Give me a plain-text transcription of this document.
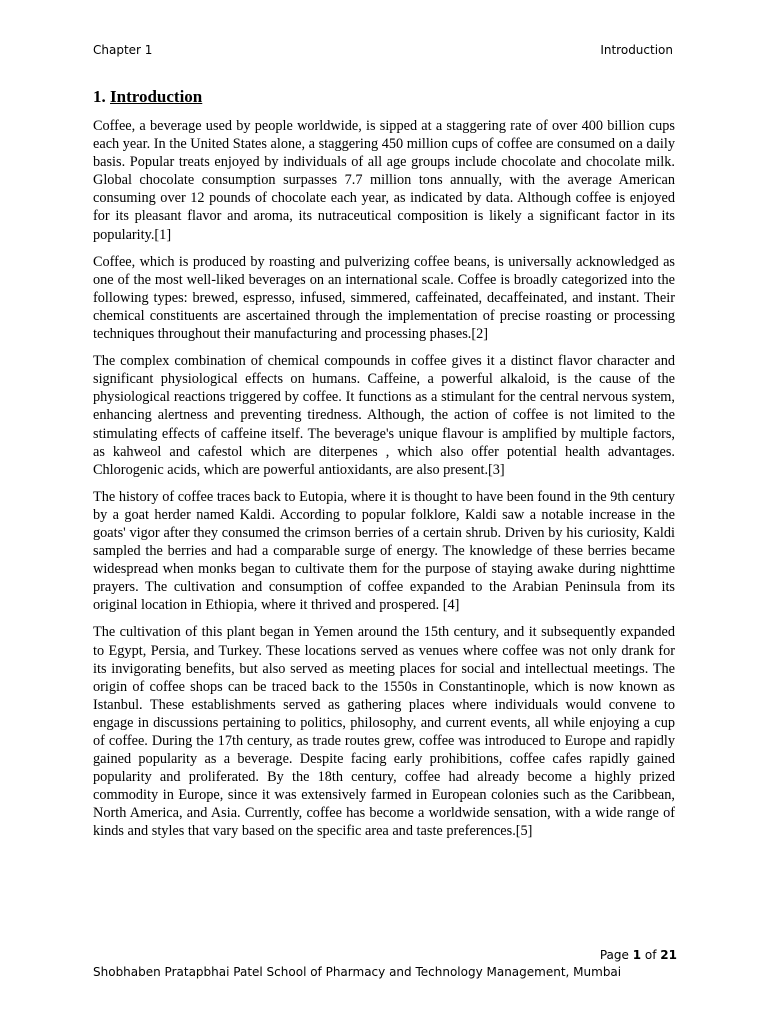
Chapter 1	Introduction
1. Introduction

Coffee, a beverage used by people worldwide, is sipped at a staggering rate of over 400 billion cups each year. In the United States alone, a staggering 450 million cups of coffee are consumed on a daily basis. Popular treats enjoyed by individuals of all age groups include chocolate and chocolate milk. Global chocolate consumption surpasses 7.7 million tons annually, with the average American consuming over 12 pounds of chocolate each year, as indicated by data. Although coffee is enjoyed for its pleasant flavor and aroma, its nutraceutical composition is likely a significant factor in its popularity.[1]

Coffee, which is produced by roasting and pulverizing coffee beans, is universally acknowledged as one of the most well-liked beverages on an international scale. Coffee is broadly categorized into the following types: brewed, espresso, infused, simmered, caffeinated, decaffeinated, and instant. Their chemical constituents are ascertained through the implementation of precise roasting or processing techniques throughout their manufacturing and processing phases.[2]

The complex combination of chemical compounds in coffee gives it a distinct flavor character and significant physiological effects on humans. Caffeine, a powerful alkaloid, is the cause of the physiological reactions triggered by coffee. It functions as a stimulant for the central nervous system, enhancing alertness and preventing tiredness. Although, the action of coffee is not limited to the stimulating effects of caffeine itself. The beverage's unique flavour is amplified by multiple factors, as kahweol and cafestol which are diterpenes , which also offer potential health advantages. Chlorogenic acids, which are powerful antioxidants, are also present.[3]

The history of coffee traces back to Eutopia, where it is thought to have been found in the 9th century by a goat herder named Kaldi. According to popular folklore, Kaldi saw a notable increase in the goats' vigor after they consumed the crimson berries of a certain shrub. Driven by his curiosity, Kaldi sampled the berries and had a comparable surge of energy. The knowledge of these berries became widespread when monks began to cultivate them for the purpose of staying awake during nighttime prayers. The cultivation and consumption of coffee expanded to the Arabian Peninsula from its original location in Ethiopia, where it thrived and prospered. [4]

The cultivation of this plant began in Yemen around the 15th century, and it subsequently expanded to Egypt, Persia, and Turkey. These locations served as venues where coffee was not only drank for its invigorating benefits, but also served as meeting places for social and intellectual meetings. The origin of coffee shops can be traced back to the 1550s in Constantinople, which is now known as Istanbul. These establishments served as gathering places where individuals would convene to engage in discussions pertaining to politics, philosophy, and current events, all while enjoying a cup of coffee. During the 17th century, as trade routes grew, coffee was introduced to Europe and rapidly gained popularity as a beverage. Despite facing early prohibitions, coffee cafes rapidly gained popularity and proliferated. By the 18th century, coffee had already become a highly prized commodity in Europe, since it was extensively farmed in European colonies such as the Caribbean, North America, and Asia. Currently, coffee has become a worldwide sensation, with a wide range of kinds and styles that vary based on the specific area and taste preferences.[5]

Page 1 of 21
Shobhaben Pratapbhai Patel School of Pharmacy and Technology Management, Mumbai
